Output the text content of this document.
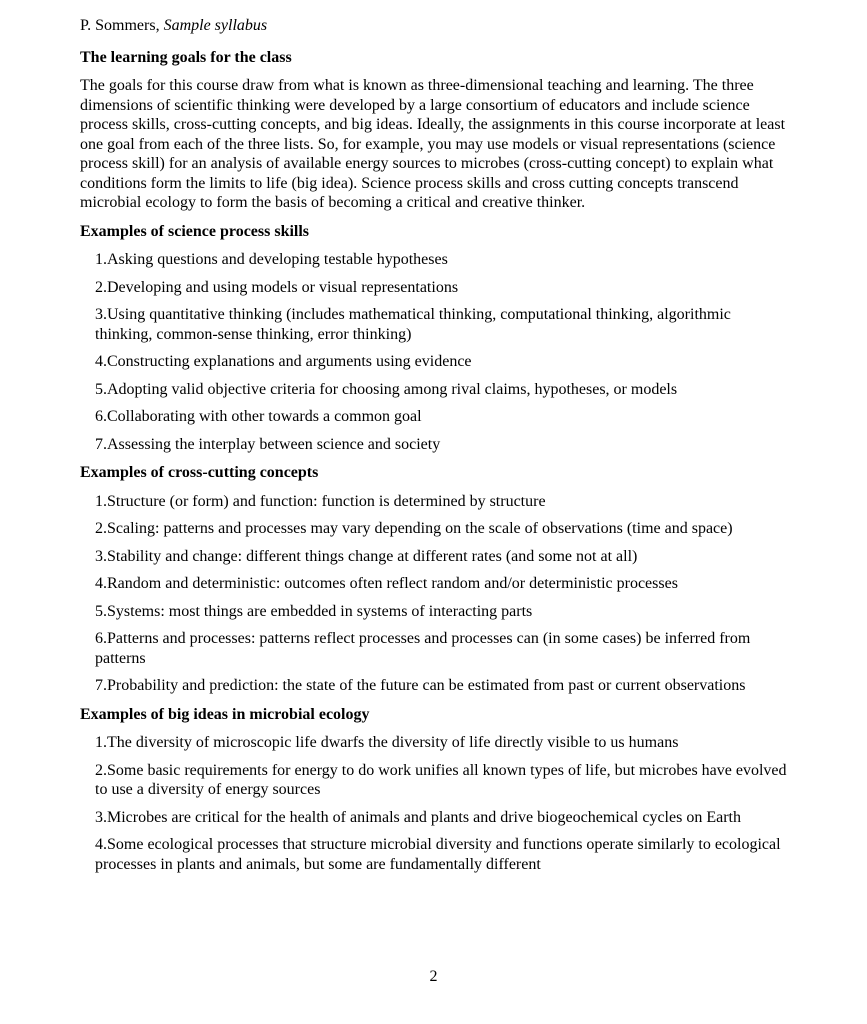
P. Sommers, Sample syllabus

The learning goals for the class

The goals for this course draw from what is known as three-dimensional teaching and learning. The three dimensions of scientific thinking were developed by a large consortium of educators and include science process skills, cross-cutting concepts, and big ideas. Ideally, the assignments in this course incorporate at least one goal from each of the three lists. So, for example, you may use models or visual representations (science process skill) for an analysis of available energy sources to microbes (cross-cutting concept) to explain what conditions form the limits to life (big idea). Science process skills and cross cutting concepts transcend microbial ecology to form the basis of becoming a critical and creative thinker.

Examples of science process skills

1.Asking questions and developing testable hypotheses

2.Developing and using models or visual representations

3.Using quantitative thinking (includes mathematical thinking, computational thinking, algorithmic thinking, common-sense thinking, error thinking)

4.Constructing explanations and arguments using evidence

5.Adopting valid objective criteria for choosing among rival claims, hypotheses, or models

6.Collaborating with other towards a common goal

7.Assessing the interplay between science and society

Examples of cross-cutting concepts

1.Structure (or form) and function: function is determined by structure

2.Scaling: patterns and processes may vary depending on the scale of observations (time and space)

3.Stability and change: different things change at different rates (and some not at all)

4.Random and deterministic: outcomes often reflect random and/or deterministic processes

5.Systems: most things are embedded in systems of interacting parts

6.Patterns and processes: patterns reflect processes and processes can (in some cases) be inferred from patterns

7.Probability and prediction: the state of the future can be estimated from past or current observations

Examples of big ideas in microbial ecology

1.The diversity of microscopic life dwarfs the diversity of life directly visible to us humans

2.Some basic requirements for energy to do work unifies all known types of life, but microbes have evolved to use a diversity of energy sources

3.Microbes are critical for the health of animals and plants and drive biogeochemical cycles on Earth

4.Some ecological processes that structure microbial diversity and functions operate similarly to ecological processes in plants and animals, but some are fundamentally different

2
